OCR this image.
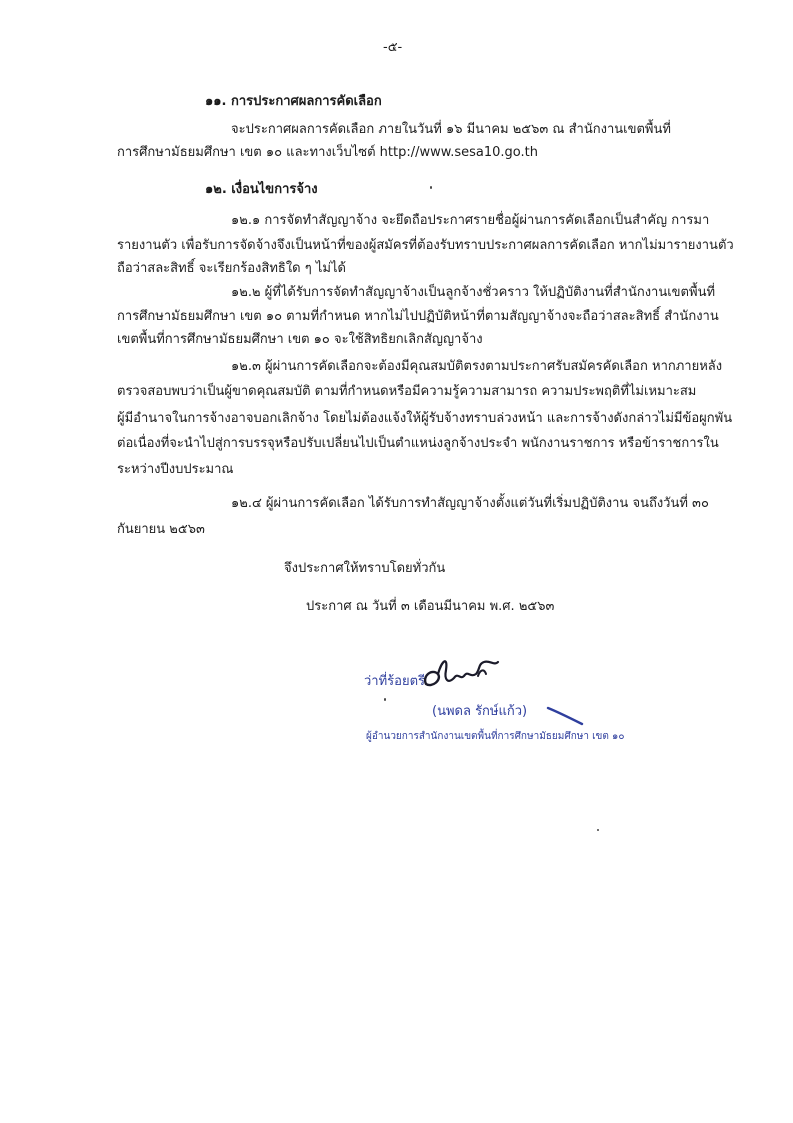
-๕-
๑๑. การประกาศผลการคัดเลือก
จะประกาศผลการคัดเลือก ภายในวันที่ ๑๖ มีนาคม ๒๕๖๓ ณ สำนักงานเขตพื้นที่
การศึกษามัธยมศึกษา เขต ๑๐ และทางเว็บไซต์ http://www.sesa10.go.th
๑๒. เงื่อนไขการจ้าง
๑๒.๑ การจัดทำสัญญาจ้าง จะยึดถือประกาศรายชื่อผู้ผ่านการคัดเลือกเป็นสำคัญ การมา
รายงานตัว เพื่อรับการจัดจ้างจึงเป็นหน้าที่ของผู้สมัครที่ต้องรับทราบประกาศผลการคัดเลือก หากไม่มารายงานตัว
ถือว่าสละสิทธิ์ จะเรียกร้องสิทธิใด ๆ ไม่ได้
๑๒.๒ ผู้ที่ได้รับการจัดทำสัญญาจ้างเป็นลูกจ้างชั่วคราว ให้ปฏิบัติงานที่สำนักงานเขตพื้นที่
การศึกษามัธยมศึกษา เขต ๑๐ ตามที่กำหนด หากไม่ไปปฏิบัติหน้าที่ตามสัญญาจ้างจะถือว่าสละสิทธิ์ สำนักงาน
เขตพื้นที่การศึกษามัธยมศึกษา เขต ๑๐ จะใช้สิทธิยกเลิกสัญญาจ้าง
๑๒.๓ ผู้ผ่านการคัดเลือกจะต้องมีคุณสมบัติตรงตามประกาศรับสมัครคัดเลือก หากภายหลัง
ตรวจสอบพบว่าเป็นผู้ขาดคุณสมบัติ ตามที่กำหนดหรือมีความรู้ความสามารถ ความประพฤติที่ไม่เหมาะสม
ผู้มีอำนาจในการจ้างอาจบอกเลิกจ้าง โดยไม่ต้องแจ้งให้ผู้รับจ้างทราบล่วงหน้า และการจ้างดังกล่าวไม่มีข้อผูกพัน
ต่อเนื่องที่จะนำไปสู่การบรรจุหรือปรับเปลี่ยนไปเป็นตำแหน่งลูกจ้างประจำ พนักงานราชการ หรือข้าราชการใน
ระหว่างปีงบประมาณ
๑๒.๔ ผู้ผ่านการคัดเลือก ได้รับการทำสัญญาจ้างตั้งแต่วันที่เริ่มปฏิบัติงาน จนถึงวันที่ ๓๐
กันยายน ๒๕๖๓
จึงประกาศให้ทราบโดยทั่วกัน
ประกาศ ณ วันที่ ๓ เดือนมีนาคม พ.ศ. ๒๕๖๓
ว่าที่ร้อยตรี
(นพดล รักษ์แก้ว)
ผู้อำนวยการสำนักงานเขตพื้นที่การศึกษามัธยมศึกษา เขต ๑๐
